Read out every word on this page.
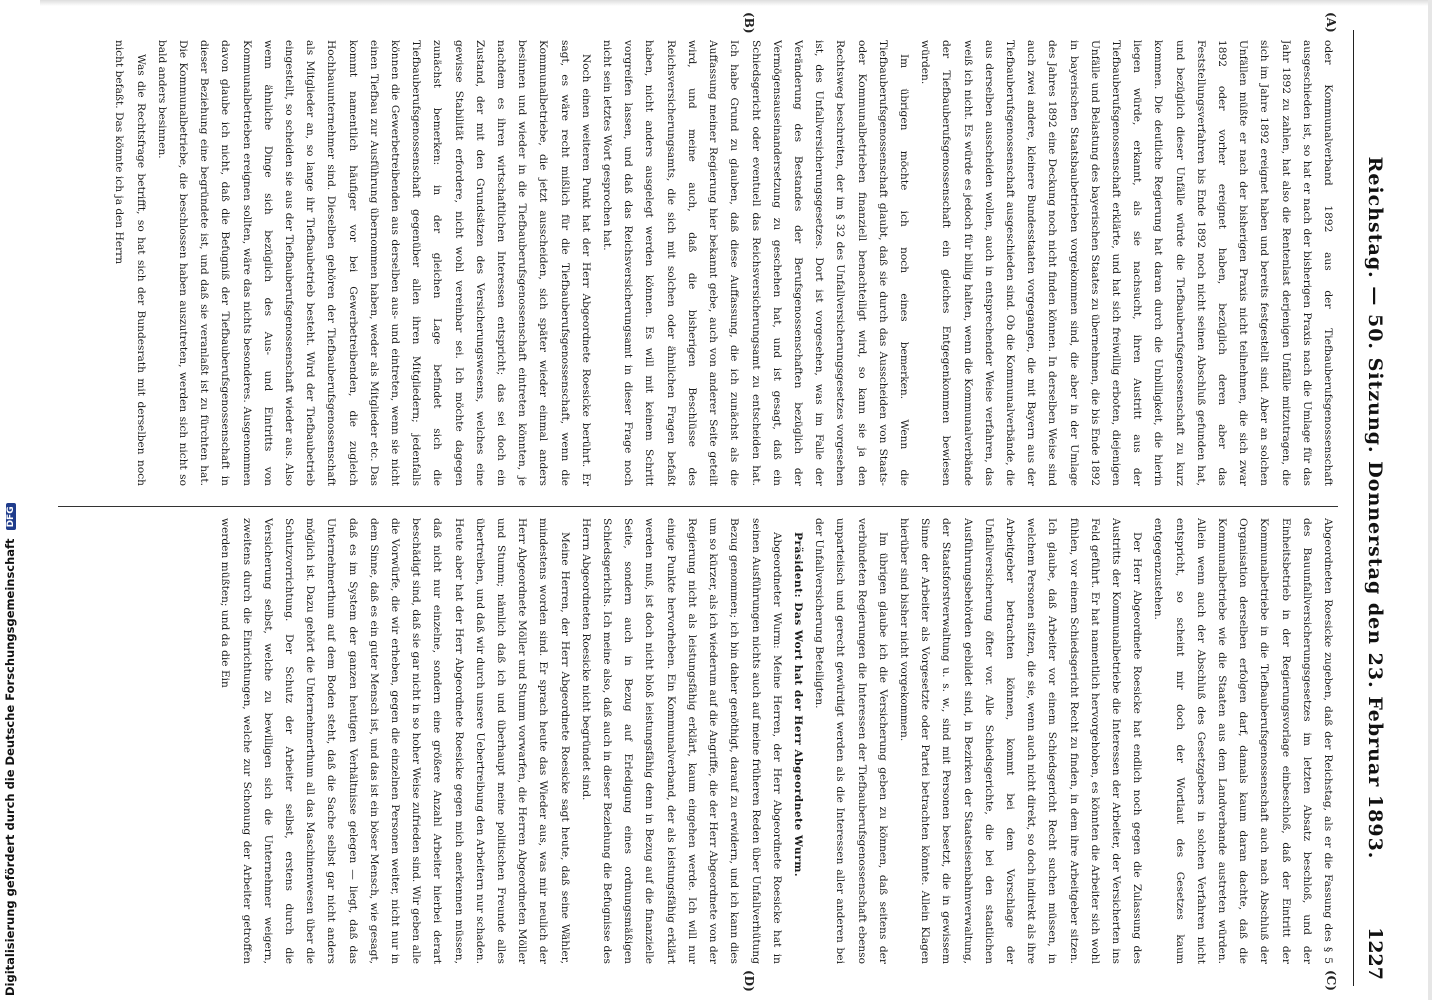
Digitalisierung gefördert durch die Deutsche Forschungsgemeinschaft DFG	Reichstag. — 50. Sitzung. Donnerstag den 23. Februar 1893.
1227
(A)
(B)
(C)
(D)

oder Kommunalverband 1892 aus der Tiefbauberufsgenossenschaft ausgeschieden ist, so hat er nach der bisherigen Praxis nach die Umlage für das Jahr 1892 zu zahlen, hat also die Rentenlast derjenigen Unfälle mitzutragen, die sich im Jahre 1892 ereignet haben und bereits festgestellt sind. Aber an solchen Unfällen müßte er nach der bisherigen Praxis nicht teilnehmen, die sich zwar 1892 oder vorher ereignet haben, bezüglich deren aber das Feststellungsverfahren bis Ende 1892 noch nicht seinen Abschluß gefunden hat, und bezüglich dieser Unfälle würde die Tiefbauberufsgenossenschaft zu kurz kommen. Die deutliche Regierung hat daran durch die Unbilligkeit, die hierin liegen würde, erkannt, als sie nachsucht, ihren Austritt aus der Tiefbauberufsgenossenschaft erklärte, und hat sich freiwillig erboten, diejenigen Unfälle und Belastung des bayerischen Staates zu übernehmen, die bis Ende 1892 in bayerischen Staatsbaubetrieben vorgekommen sind, die aber in der Umlage des Jahres 1892 eine Deckung noch nicht finden können. In derselben Weise sind auch zwei andere, kleinere Bundesstaaten vorgegangen, die mit Bayern aus der Tiefbauberufsgenossenschaft ausgeschieden sind. Ob die Kommunalverbände, die aus derselben ausscheiden wollen, auch in entsprechender Weise verfahren, das weiß ich nicht. Es würde es jedoch für billig halten, wenn die Kommunalverbände der Tiefbauberufsgenossenschaft ein gleiches Entgegenkommen bewiesen würden.

Im übrigen möchte ich noch eines bemerken. Wenn die Tiefbauberufsgenossenschaft glaubt, daß sie durch das Ausscheiden von Staats- oder Kommunalbetrieben finanziell benachteiligt wird, so kann sie ja den Rechtsweg beschreiten, der im § 32 des Unfallversicherungsgesetzes vorgesehen ist, des Unfallversicherungsgesetzes. Dort ist vorgesehen, was im Falle der Veränderung des Bestandes der Berufsgenossenschaften bezüglich der Vermögensauseinandersetzung zu geschehen hat, und ist gesagt, daß ein Schiedsgericht oder eventuell das Reichsversicherungsamt zu entscheiden hat. Ich habe Grund zu glauben, daß diese Auffassung, die ich zunächst als die Auffassung meiner Regierung hier bekannt gebe, auch von anderer Seite geteilt wird, und meine auch, daß die bisherigen Beschlüsse des Reichsversicherungsamts, die sich mit solchen oder ähnlichen Fragen befaßt haben, nicht anders ausgelegt werden können. Es will mit keinem Schritt vorgreifen lassen, und daß das Reichsversicherungsamt in dieser Frage noch nicht sein letztes Wort gesprochen hat.

Noch einen weiteren Punkt hat der Herr Abgeordnete Roesicke berührt. Er sagt, es wäre recht mißlich für die Tiefbauberufsgenossenschaft, wenn die Kommunalbetriebe, die jetzt ausscheiden, sich später wieder einmal anders besinnen und wieder in die Tiefbauberufsgenossenschaft eintreten könnten, je nachdem es ihren wirtschaftlichen Interessen entspricht; das sei doch ein Zustand, der mit den Grundsätzen des Versicherungswesens, welches eine gewisse Stabilität erfordere, nicht wohl vereinbar sei. Ich möchte dagegen zunächst bemerken: in der gleichen Lage befindet sich die Tiefbauberufsgenossenschaft gegenüber allen ihren Mitgliedern; jedenfalls können die Gewerbetreibenden aus derselben aus- und eintreten, wenn sie nicht einen Tiefbau zur Ausführung übernommen haben, weder als Mitglieder etc. Das kommt namentlich häufiger vor bei Gewerbetreibenden, die zugleich Hochbauunternehmer sind. Dieselben gehören der Tiefbauberufsgenossenschaft als Mitglieder an, so lange ihr Tiefbaubetrieb besteht. Wird der Tiefbaubetrieb eingestellt, so scheiden sie aus der Tiefbauberufsgenossenschaft wieder aus. Also wenn ähnliche Dinge sich bezüglich des Aus- und Eintritts von Kommunalbetrieben ereignen sollten, wäre das nichts besonderes. Ausgenommen davon glaube ich nicht, daß die Befugniß der Tiefbauberufsgenossenschaft in dieser Beziehung eine begründete ist, und daß sie veranlaßt ist zu fürchten hat. Die Kommunalbetriebe, die beschlossen haben auszutreten, werden sich nicht so bald anders besinnen.

Was die Rechtsfrage betrifft, so hat sich der Bundesrath mit derselben noch nicht befaßt. Das könnte ich ja den Herrn

Abgeordneten Roesicke zugeben, daß der Reichstag, als er die Fassung des § 5 des Bauunfallversicherungsgesetzes im letzten Absatz beschloß, und der Einheitsbetrieb in der Regierungsvorlage einbeschloß, daß der Eintritt der Kommunalbetriebe in die Tiefbauberufsgenossenschaft auch nach Abschluß der Organisation derselben erfolgen darf, damals kaum daran dachte, daß die Kommunalbetriebe wie die Staaten aus dem Landverbande austreten würden. Allein wenn auch der Abschluß des Gesetzgebers in solchen Verfahren nicht entspricht, so scheint mir doch der Wortlaut des Gesetzes kaum entgegenzustehen.

Der Herr Abgeordnete Roesicke hat endlich noch gegen die Zulassung des Austritts der Kommunalbetriebe die Interessen der Arbeiter, der Versicherten ins Feld geführt. Er hat namentlich hervorgehoben, es könnten die Arbeiter sich wohl fühlen, vor einem Schiedsgericht Recht zu finden, in dem ihre Arbeitgeber sitzen. Ich glaube, daß Arbeiter vor einem Schiedsgericht Recht suchen müssen, in welchem Personen sitzen, die sie, wenn auch nicht direkt, so doch indirekt als ihre Arbeitgeber betrachten können, kommt bei dem Vorschlage der Unfallversicherung öfter vor. Alle Schiedsgerichte, die bei den staatlichen Ausführungsbehörden gebildet sind, in Bezirken der Staatseisenbahnverwaltung, der Staatsforstverwaltung u. s. w., sind mit Personen besetzt, die in gewissem Sinne der Arbeiter als Vorgesetzte oder Partei betrachten könnte. Allein Klagen hierüber sind bisher nicht vorgekommen.

Im übrigen glaube ich die Versicherung geben zu können, daß seitens der verbündeten Regierungen die Interessen der Tiefbauberufsgenossenschaft ebenso unparteiisch und gerecht gewürdigt werden als die Interessen aller anderen bei der Unfallversicherung Beteiligten.

Präsident: Das Wort hat der Herr Abgeordnete Wurm.

Abgeordneter Wurm: Meine Herren, der Herr Abgeordnete Roesicke hat in seinen Ausführungen nichts auch auf meine früheren Reden über Unfallverhütung Bezug genommen; ich bin daher genöthigt, darauf zu erwidern, und ich kann dies um so kürzer, als ich wiederum auf die Angriffe, die der Herr Abgeordnete von der Regierung nicht als leistungsfähig erklärt, kaum eingehen werde. Ich will nur einige Punkte hervorheben. Ein Kommunalverband, der als leistungsfähig erklärt werden muß, ist doch nicht bloß leistungsfähig denn in Bezug auf die finanzielle Seite, sondern auch in Bezug auf Erledigung eines ordnungsmäßigen Schiedsgerichts. Ich meine also, daß auch in dieser Beziehung die Befugnisse des Herrn Abgeordneten Roesicke nicht begründet sind.

Meine Herren, der Herr Abgeordnete Roesicke sagt heute, daß seine Wähler, mindestens worden sind. Er sprach heute das Wieder aus, was mir neulich der Herr Abgeordnete Möller und Stumm vorwarfen, die Herren Abgeordneten Möller und Stumm; nämlich daß ich und überhaupt meine politischen Freunde alles übertreiben, und daß wir durch unsere Uebertreibung den Arbeitern nur schaden. Heute aber hat der Herr Abgeordnete Roesicke gegen mich anerkennen müssen, daß nicht nur einzelne, sondern eine größere Anzahl Arbeiter hierbei derart beschädigt sind, daß sie gar nicht in so hoher Weise zufrieden sind. Wir geben alle die Vorwürfe, die wir erheben, gegen die einzelnen Personen weiter, nicht nur in dem Sinne, daß es ein guter Mensch ist, und das ist ein böser Mensch, wie gesagt, daß es im System der ganzen heutigen Verhältnisse gelegen — liegt, daß das Unternehmerthum auf dem Boden steht, daß die Sache selbst gar nicht anders möglich ist. Dazu gehört die Unternehmerthum all das Maschinenwesen über die Schutzvorrichtung. Der Schutz der Arbeiter selbst, erstens durch die Versicherung selbst, welche zu bewilligen sich die Unternehmer weigern, zweitens durch die Einrichtungen, welche zur Schonung der Arbeiter getroffen werden müßten; und da die Ein
